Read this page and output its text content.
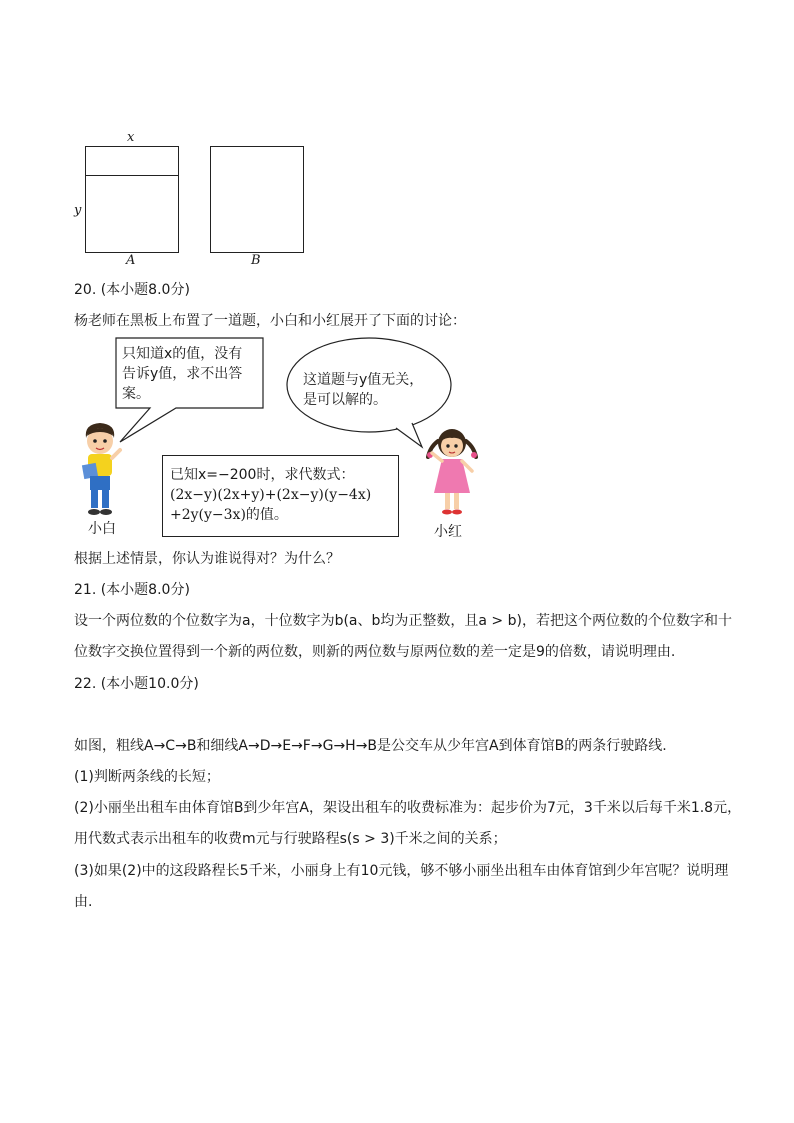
x
y
A	B
20. (本小题8.0分)
杨老师在黑板上布置了一道题，小白和小红展开了下面的讨论：
只知道x的值，没有
告诉y值，求不出答
案。
这道题与y值无关，
是可以解的。
已知x=−200时，求代数式：
(2x−y)(2x+y)+(2x−y)(y−4x)
+2y(y−3x)的值。
小白	小红
根据上述情景，你认为谁说得对？为什么？
21. (本小题8.0分)
设一个两位数的个位数字为a，十位数字为b(a、b均为正整数，且a > b)，若把这个两位数的个位数字和十
位数字交换位置得到一个新的两位数，则新的两位数与原两位数的差一定是9的倍数，请说明理由.
22. (本小题10.0分)
如图，粗线A→C→B和细线A→D→E→F→G→H→B是公交车从少年宫A到体育馆B的两条行驶路线.
(1)判断两条线的长短；
(2)小丽坐出租车由体育馆B到少年宫A，架设出租车的收费标准为：起步价为7元，3千米以后每千米1.8元，
用代数式表示出租车的收费m元与行驶路程s(s > 3)千米之间的关系；
(3)如果(2)中的这段路程长5千米，小丽身上有10元钱，够不够小丽坐出租车由体育馆到少年宫呢？说明理
由.
